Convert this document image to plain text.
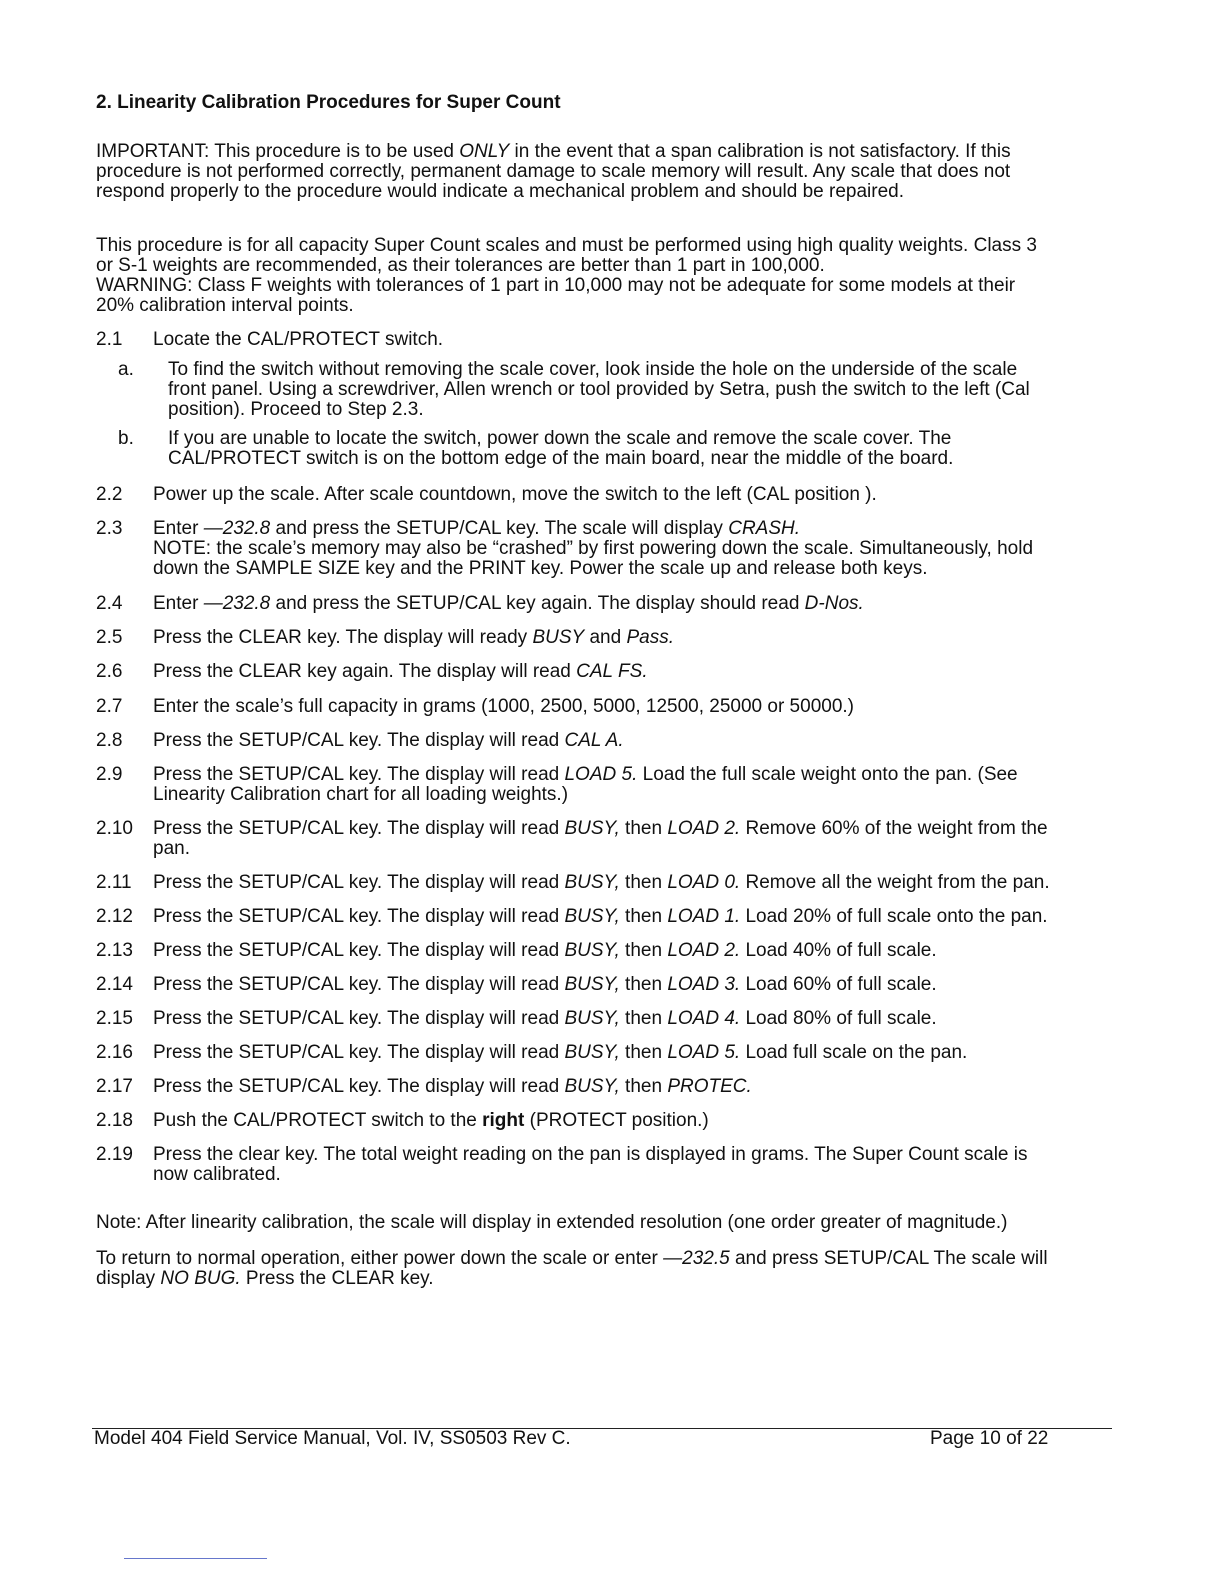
2. Linearity Calibration Procedures for Super Count
IMPORTANT: This procedure is to be used ONLY in the event that a span calibration is not satisfactory. If this
procedure is not performed correctly, permanent damage to scale memory will result. Any scale that does not
respond properly to the procedure would indicate a mechanical problem and should be repaired.
This procedure is for all capacity Super Count scales and must be performed using high quality weights. Class 3
or S-1 weights are recommended, as their tolerances are better than 1 part in 100,000.
WARNING: Class F weights with tolerances of 1 part in 10,000 may not be adequate for some models at their
20% calibration interval points.
2.1	Locate the CAL/PROTECT switch.
a.	To find the switch without removing the scale cover, look inside the hole on the underside of the scale
front panel. Using a screwdriver, Allen wrench or tool provided by Setra, push the switch to the left (Cal
position). Proceed to Step 2.3.
b.	If you are unable to locate the switch, power down the scale and remove the scale cover. The
CAL/PROTECT switch is on the bottom edge of the main board, near the middle of the board.
2.2	Power up the scale. After scale countdown, move the switch to the left (CAL position ).
2.3	Enter —232.8 and press the SETUP/CAL key. The scale will display CRASH.
NOTE: the scale’s memory may also be “crashed” by first powering down the scale. Simultaneously, hold
down the SAMPLE SIZE key and the PRINT key. Power the scale up and release both keys.
2.4	Enter —232.8 and press the SETUP/CAL key again. The display should read D-Nos.
2.5	Press the CLEAR key. The display will ready BUSY and Pass.
2.6	Press the CLEAR key again. The display will read CAL FS.
2.7	Enter the scale’s full capacity in grams (1000, 2500, 5000, 12500, 25000 or 50000.)
2.8	Press the SETUP/CAL key. The display will read CAL A.
2.9	Press the SETUP/CAL key. The display will read LOAD 5. Load the full scale weight onto the pan. (See
Linearity Calibration chart for all loading weights.)
2.10	Press the SETUP/CAL key. The display will read BUSY, then LOAD 2. Remove 60% of the weight from the
pan.
2.11	Press the SETUP/CAL key. The display will read BUSY, then LOAD 0. Remove all the weight from the pan.
2.12	Press the SETUP/CAL key. The display will read BUSY, then LOAD 1. Load 20% of full scale onto the pan.
2.13	Press the SETUP/CAL key. The display will read BUSY, then LOAD 2. Load 40% of full scale.
2.14	Press the SETUP/CAL key. The display will read BUSY, then LOAD 3. Load 60% of full scale.
2.15	Press the SETUP/CAL key. The display will read BUSY, then LOAD 4. Load 80% of full scale.
2.16	Press the SETUP/CAL key. The display will read BUSY, then LOAD 5. Load full scale on the pan.
2.17	Press the SETUP/CAL key. The display will read BUSY, then PROTEC.
2.18	Push the CAL/PROTECT switch to the right (PROTECT position.)
2.19	Press the clear key. The total weight reading on the pan is displayed in grams. The Super Count scale is
now calibrated.
Note: After linearity calibration, the scale will display in extended resolution (one order greater of magnitude.)
To return to normal operation, either power down the scale or enter —232.5 and press SETUP/CAL The scale will
display NO BUG. Press the CLEAR key.
Model 404 Field Service Manual, Vol. IV, SS0503 Rev C.	Page 10 of 22
